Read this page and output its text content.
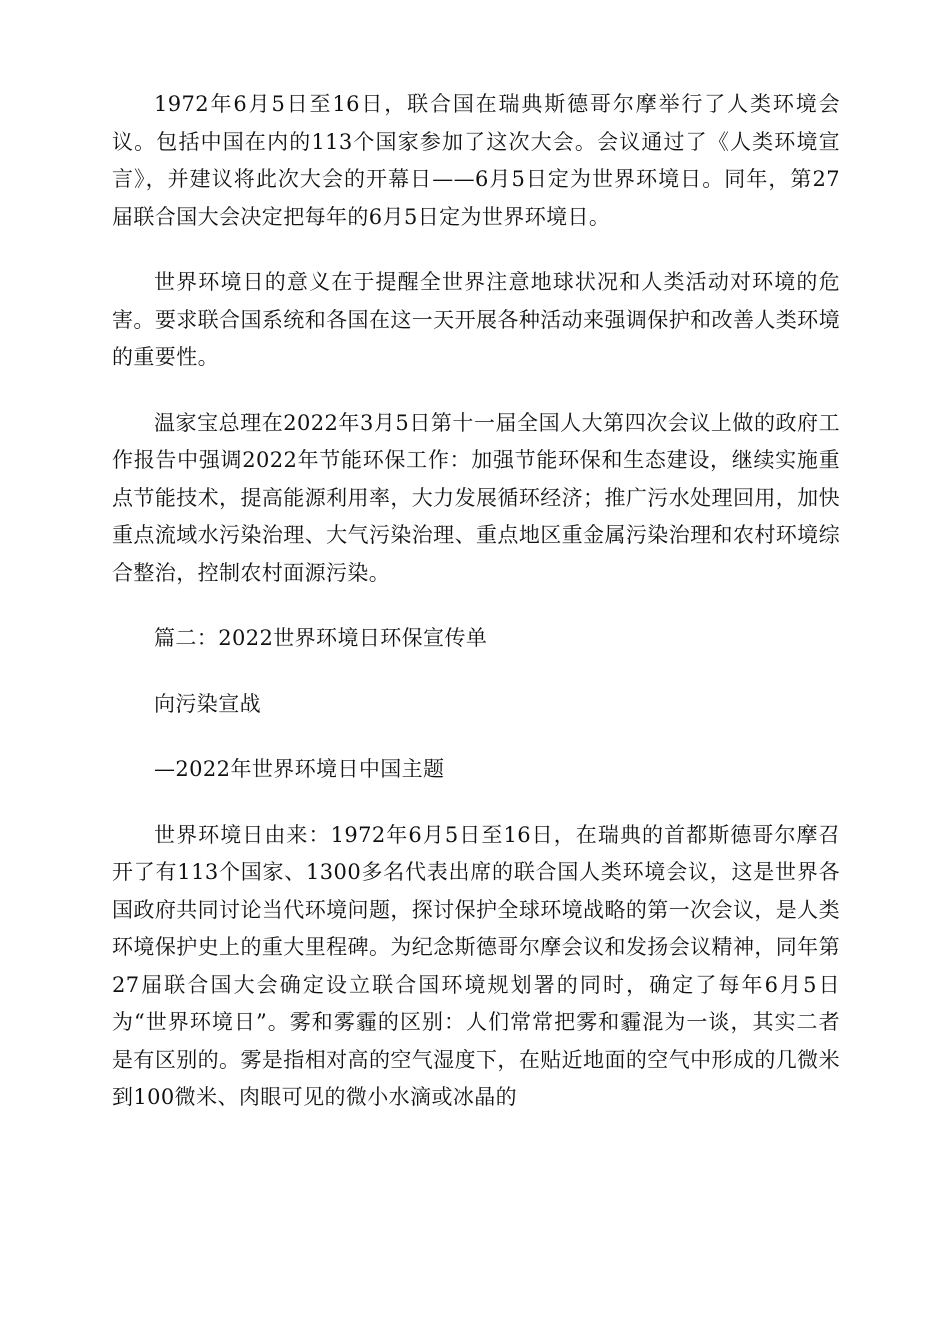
1972年6月5日至16日，联合国在瑞典斯德哥尔摩举行了人类环境会议。包括中国在内的113个国家参加了这次大会。会议通过了《人类环境宣言》，并建议将此次大会的开幕日——6月5日定为世界环境日。同年，第27届联合国大会决定把每年的6月5日定为世界环境日。

世界环境日的意义在于提醒全世界注意地球状况和人类活动对环境的危害。要求联合国系统和各国在这一天开展各种活动来强调保护和改善人类环境的重要性。

温家宝总理在2022年3月5日第十一届全国人大第四次会议上做的政府工作报告中强调2022年节能环保工作：加强节能环保和生态建设，继续实施重点节能技术，提高能源利用率，大力发展循环经济；推广污水处理回用，加快重点流域水污染治理、大气污染治理、重点地区重金属污染治理和农村环境综合整治，控制农村面源污染。

篇二：2022世界环境日环保宣传单

向污染宣战

—2022年世界环境日中国主题

世界环境日由来：1972年6月5日至16日，在瑞典的首都斯德哥尔摩召开了有113个国家、1300多名代表出席的联合国人类环境会议，这是世界各国政府共同讨论当代环境问题，探讨保护全球环境战略的第一次会议，是人类环境保护史上的重大里程碑。为纪念斯德哥尔摩会议和发扬会议精神，同年第27届联合国大会确定设立联合国环境规划署的同时，确定了每年6月5日为“世界环境日”。雾和雾霾的区别：人们常常把雾和霾混为一谈，其实二者是有区别的。雾是指相对高的空气湿度下，在贴近地面的空气中形成的几微米到100微米、肉眼可见的微小水滴或冰晶的
